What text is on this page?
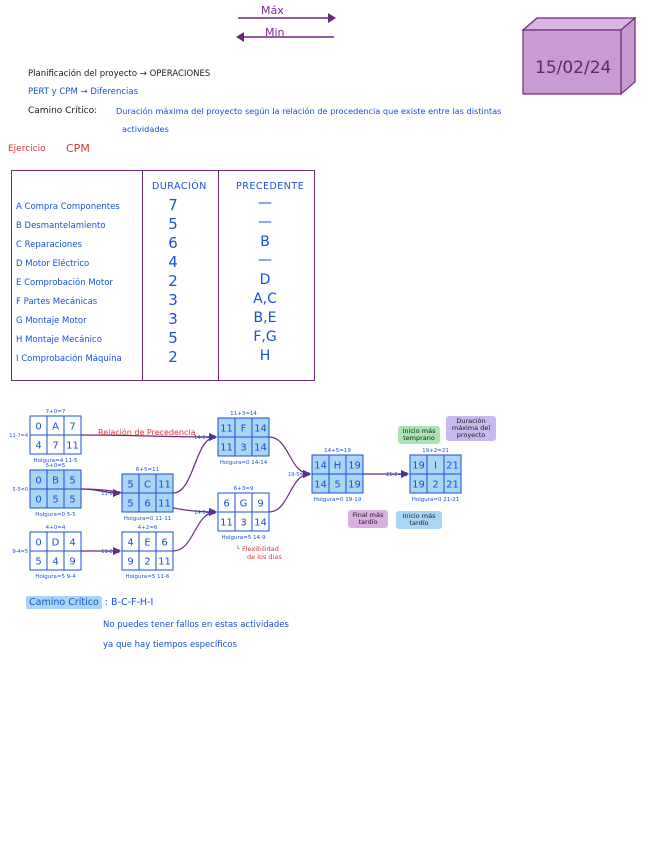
Máx
Min
15/02/24
Planificación del proyecto → OPERACIONES
PERT y CPM → Diferencias
Camino Crítico: Duración máxima del proyecto según la relación de procedencia que existe entre las distintas
actividades
Ejercicio CPM
DURACIÓN	PRECEDENTE
A Compra Componentes
B Desmantelamiento
C Reparaciones
D Motor Eléctrico
E Comprobación Motor
F Partes Mecánicas
G Montaje Motor
H Montaje Mecánico
I Comprobación Máquina
7
5
6
4
2
3
3
5
2
—
—
B
—
D
A,C
B,E
F,G
H
0 A 7
4 7 11
7+0=7
11-7=4
Holgura=4 11-5
0 B 5
0 5 5
5+0=5
5-5=0
Holgura=0 5-5
5 C 11
5 6 11
6+5=11
11-6=5
Holgura=0 11-11
0 D 4
5 4 9
4+0=4
9-4=5
Holgura=5 9-4
4 E 6
9 2 11
4+2=6
11-2=9
Holgura=5 11-6
11 F 14
11 3 14
11+3=14
14-3=11
Holgura=0 14-14
6 G 9
11 3 14
6+3=9
14-3=11
Holgura=5 14-9
14 H 19
14 5 19
14+5=19
19-5=14
Holgura=0 19-19
19 I 21
19 2 21
19+2=21
21-2=19
Holgura=0 21-21
Relación de Precedencia
└ Flexibilidad
de los días
Inicio más temprano
Duración máxima del proyecto
Final más tardío
Inicio más tardío
Camino Crítico : B-C-F-H-I
No puedes tener fallos en estas actividades
ya que hay tiempos específicos
